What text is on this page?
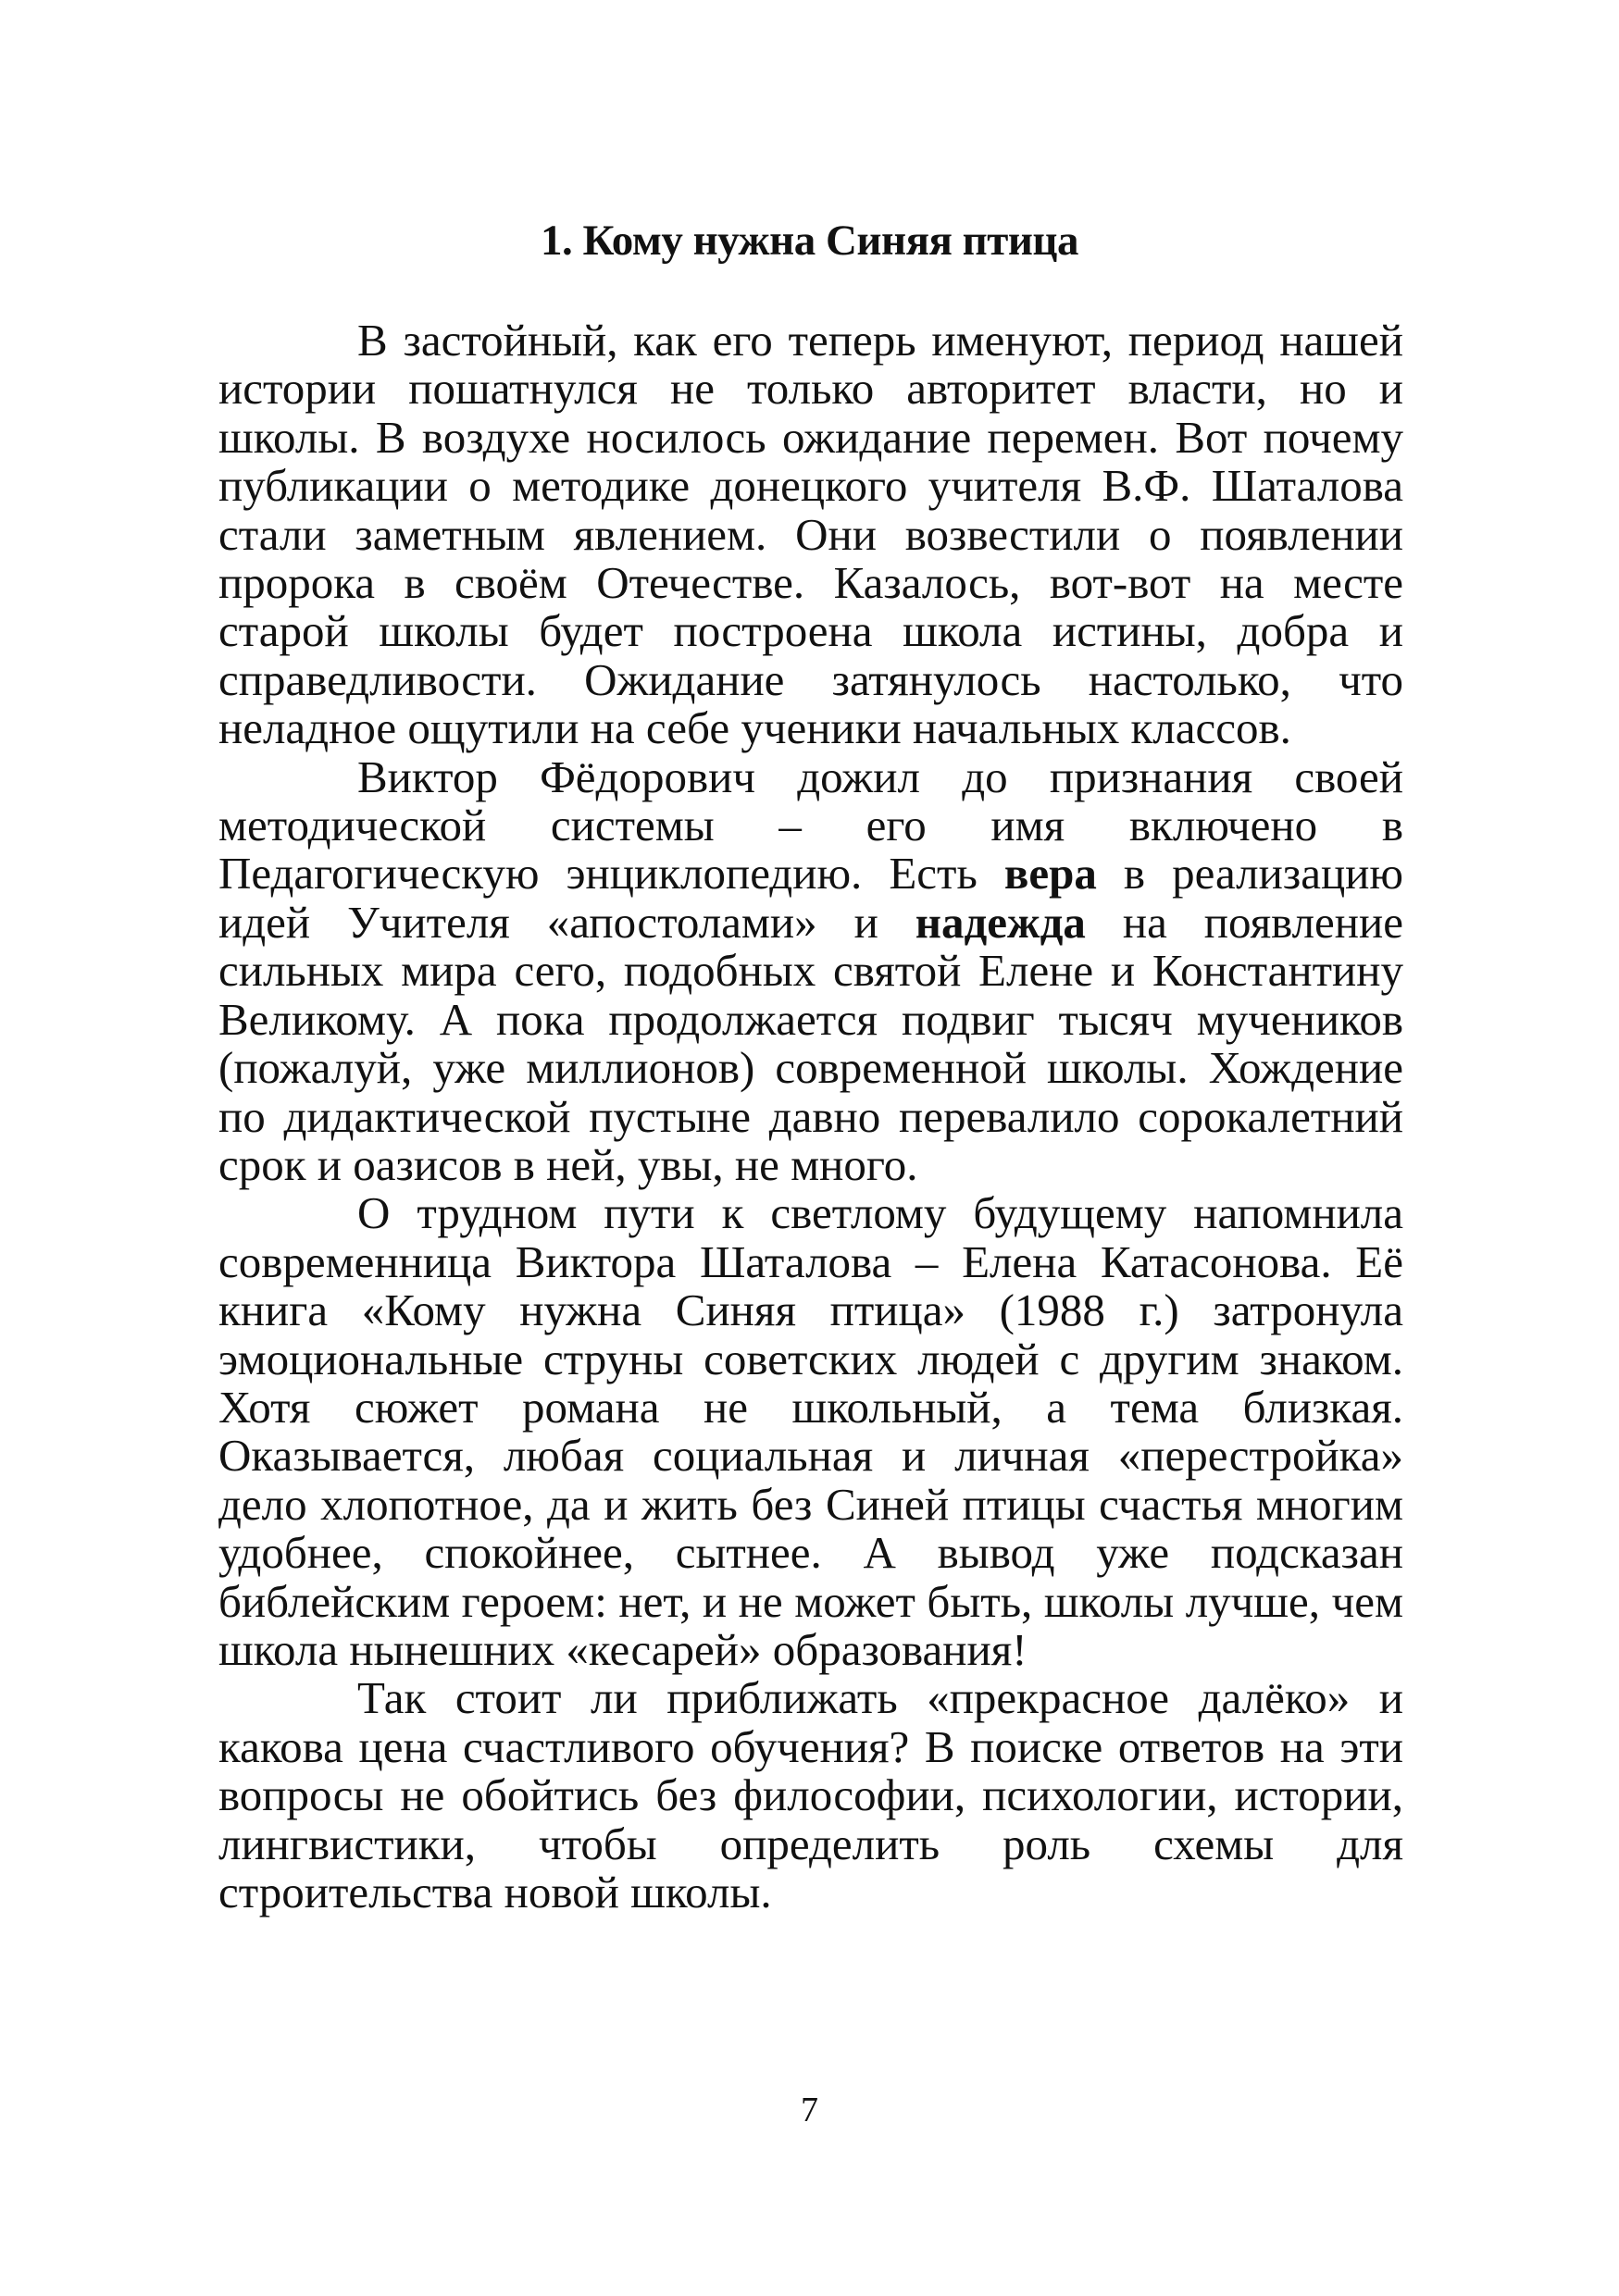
1. Кому нужна Синяя птица

В застойный, как его теперь именуют, период нашей истории пошатнулся не только авторитет власти, но и школы. В воздухе носилось ожидание перемен. Вот почему публикации о методике донецкого учителя В.Ф. Шаталова стали заметным явлением. Они возвестили о появлении пророка в своём Отечестве. Казалось, вот-вот на месте старой школы будет построена школа истины, добра и справедливости. Ожидание затянулось настолько, что неладное ощутили на себе ученики начальных классов.

Виктор Фёдорович дожил до признания своей методической системы – его имя включено в Педагогическую энциклопедию. Есть вера в реализацию идей Учителя «апостолами» и надежда на появление сильных мира сего, подобных святой Елене и Константину Великому. А пока продолжается подвиг тысяч мучеников (пожалуй, уже миллионов) современной школы. Хождение по дидактической пустыне давно перевалило сорокалетний срок и оазисов в ней, увы, не много.

О трудном пути к светлому будущему напомнила современница Виктора Шаталова – Елена Катасонова. Её книга «Кому нужна Синяя птица» (1988 г.) затронула эмоциональные струны советских людей с другим знаком. Хотя сюжет романа не школьный, а тема близкая. Оказывается, любая социальная и личная «перестройка» дело хлопотное, да и жить без Синей птицы счастья многим удобнее, спокойнее, сытнее. А вывод уже подсказан библейским героем: нет, и не может быть, школы лучше, чем школа нынешних «кесарей» образования!

Так стоит ли приближать «прекрасное далёко» и какова цена счастливого обучения? В поиске ответов на эти вопросы не обойтись без философии, психологии, истории, лингвистики, чтобы определить роль схемы для строительства новой школы.

7
